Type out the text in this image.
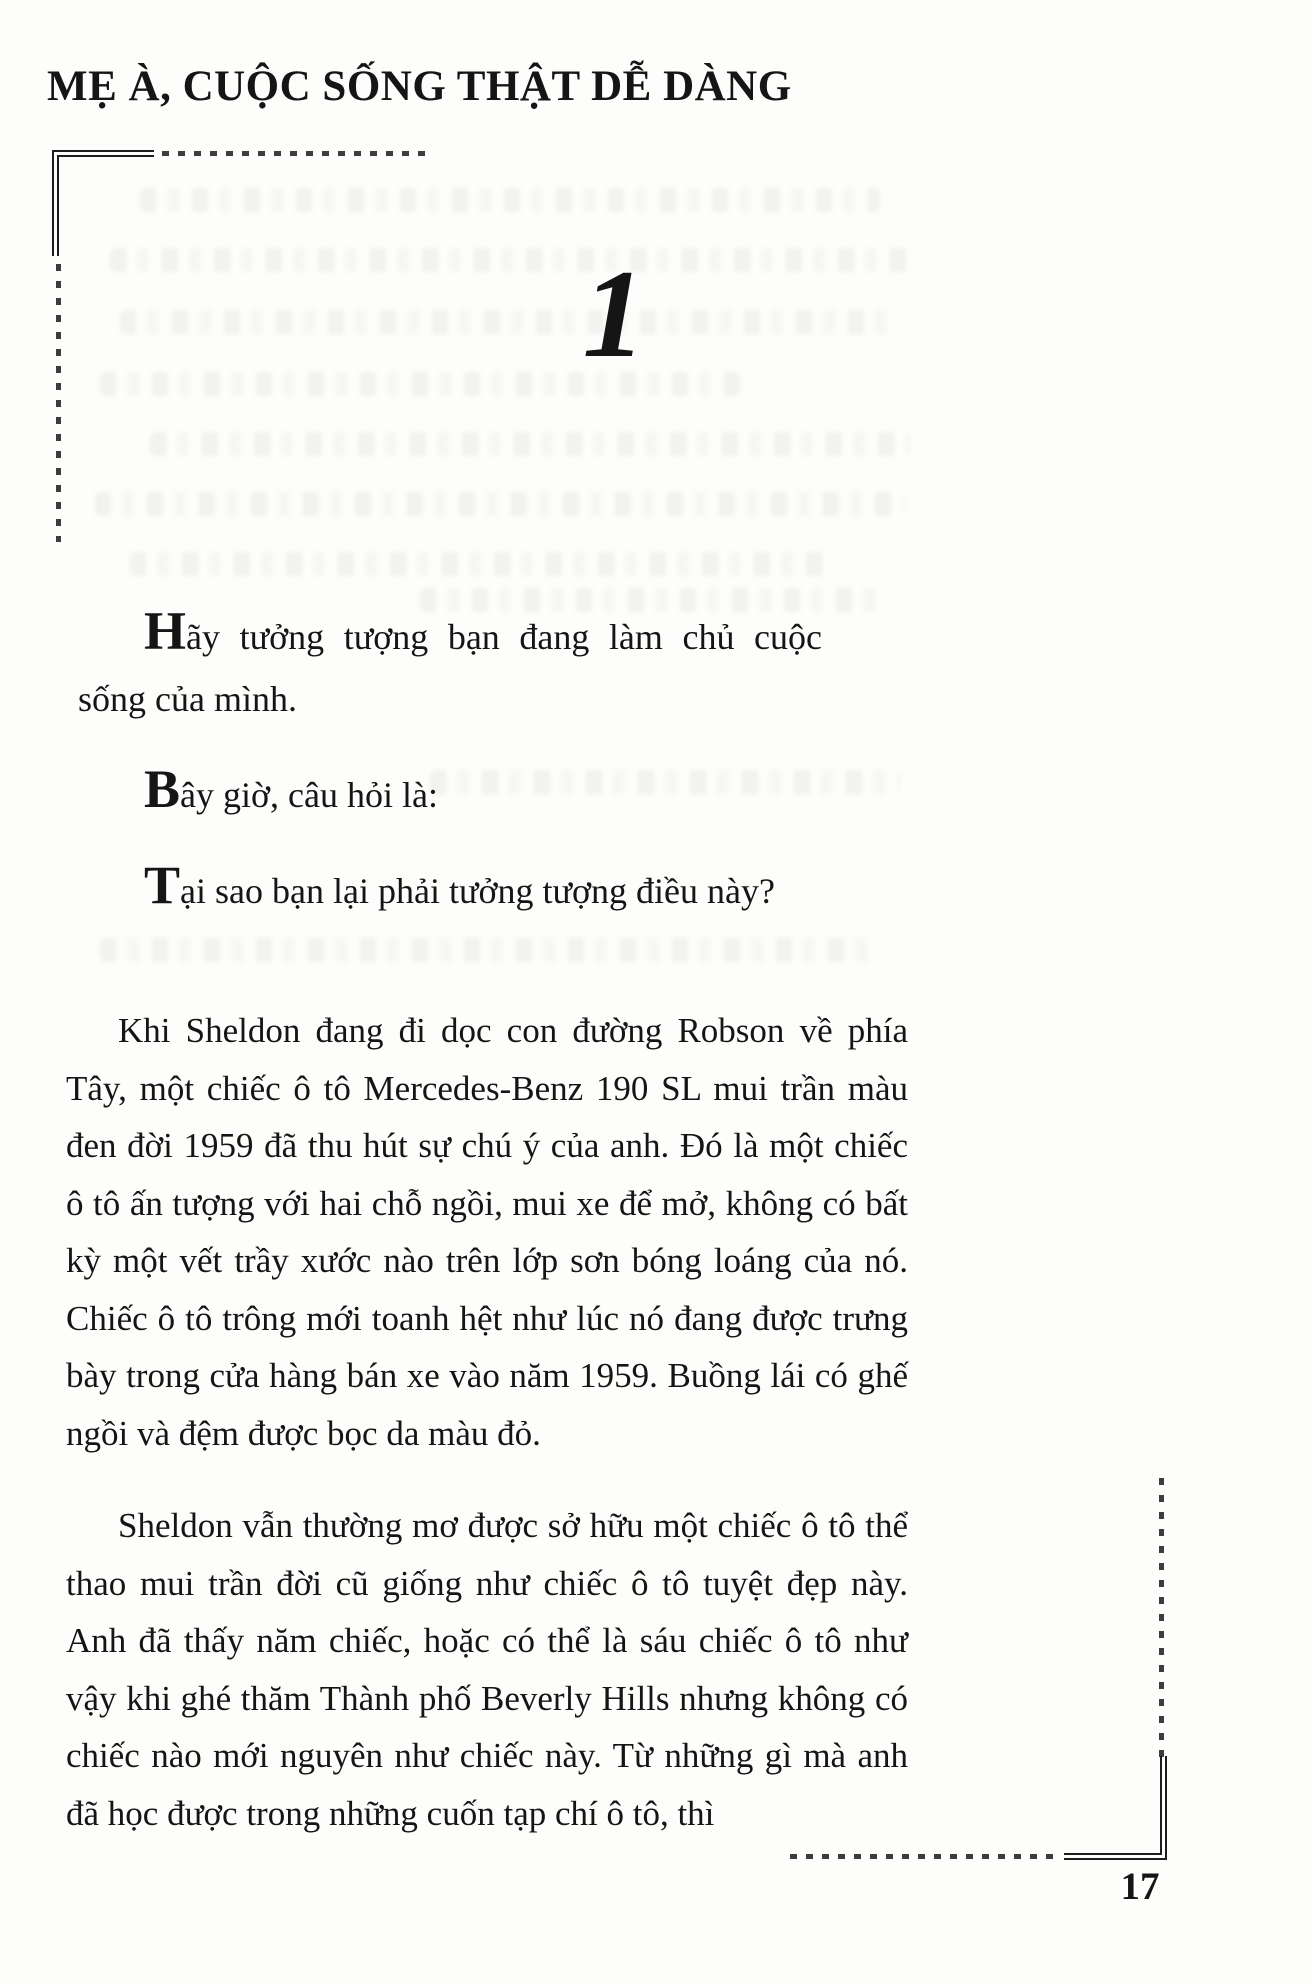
MẸ À, CUỘC SỐNG THẬT DỄ DÀNG
1

Hãy tưởng tượng bạn đang làm chủ cuộc sống của mình.

Bây giờ, câu hỏi là:

Tại sao bạn lại phải tưởng tượng điều này?

Khi Sheldon đang đi dọc con đường Robson về phía Tây, một chiếc ô tô Mercedes-Benz 190 SL mui trần màu đen đời 1959 đã thu hút sự chú ý của anh. Đó là một chiếc ô tô ấn tượng với hai chỗ ngồi, mui xe để mở, không có bất kỳ một vết trầy xước nào trên lớp sơn bóng loáng của nó. Chiếc ô tô trông mới toanh hệt như lúc nó đang được trưng bày trong cửa hàng bán xe vào năm 1959. Buồng lái có ghế ngồi và đệm được bọc da màu đỏ.

Sheldon vẫn thường mơ được sở hữu một chiếc ô tô thể thao mui trần đời cũ giống như chiếc ô tô tuyệt đẹp này. Anh đã thấy năm chiếc, hoặc có thể là sáu chiếc ô tô như vậy khi ghé thăm Thành phố Beverly Hills nhưng không có chiếc nào mới nguyên như chiếc này. Từ những gì mà anh đã học được trong những cuốn tạp chí ô tô, thì

17
